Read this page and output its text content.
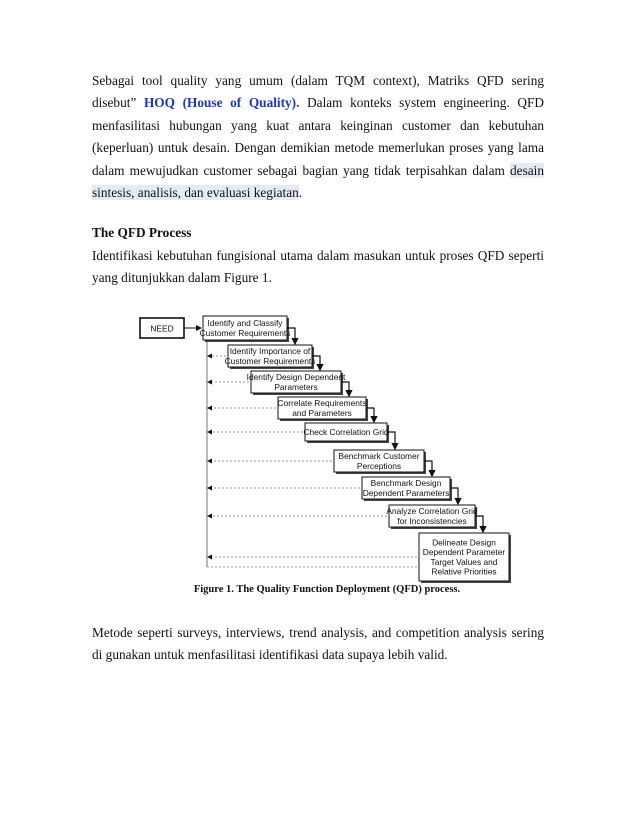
Sebagai tool quality yang umum (dalam TQM context), Matriks QFD sering disebut” HOQ (House of Quality). Dalam konteks system engineering. QFD menfasilitasi hubungan yang kuat antara keinginan customer dan kebutuhan (keperluan) untuk desain. Dengan demikian metode memerlukan proses yang lama dalam mewujudkan customer sebagai bagian yang tidak terpisahkan dalam desain sintesis, analisis, dan evaluasi kegiatan.

The QFD Process

Identifikasi kebutuhan fungisional utama dalam masukan untuk proses QFD seperti yang ditunjukkan dalam Figure 1.

NEED
Identify and Classify
Customer Requirements
Identify Importance of
Customer Requirements
Identify Design Dependent
Parameters
Correlate Requirements
and Parameters
Check Correlation Grid
Benchmark Customer
Perceptions
Benchmark Design
Dependent Parameters
Analyze Correlation Grid
for Inconsistencies
Delineate Design
Dependent Parameter
Target Values and
Relative Priorities
Figure 1. The Quality Function Deployment (QFD) process.

Metode seperti surveys, interviews, trend analysis, and competition analysis sering di gunakan untuk menfasilitasi identifikasi data supaya lebih valid.
